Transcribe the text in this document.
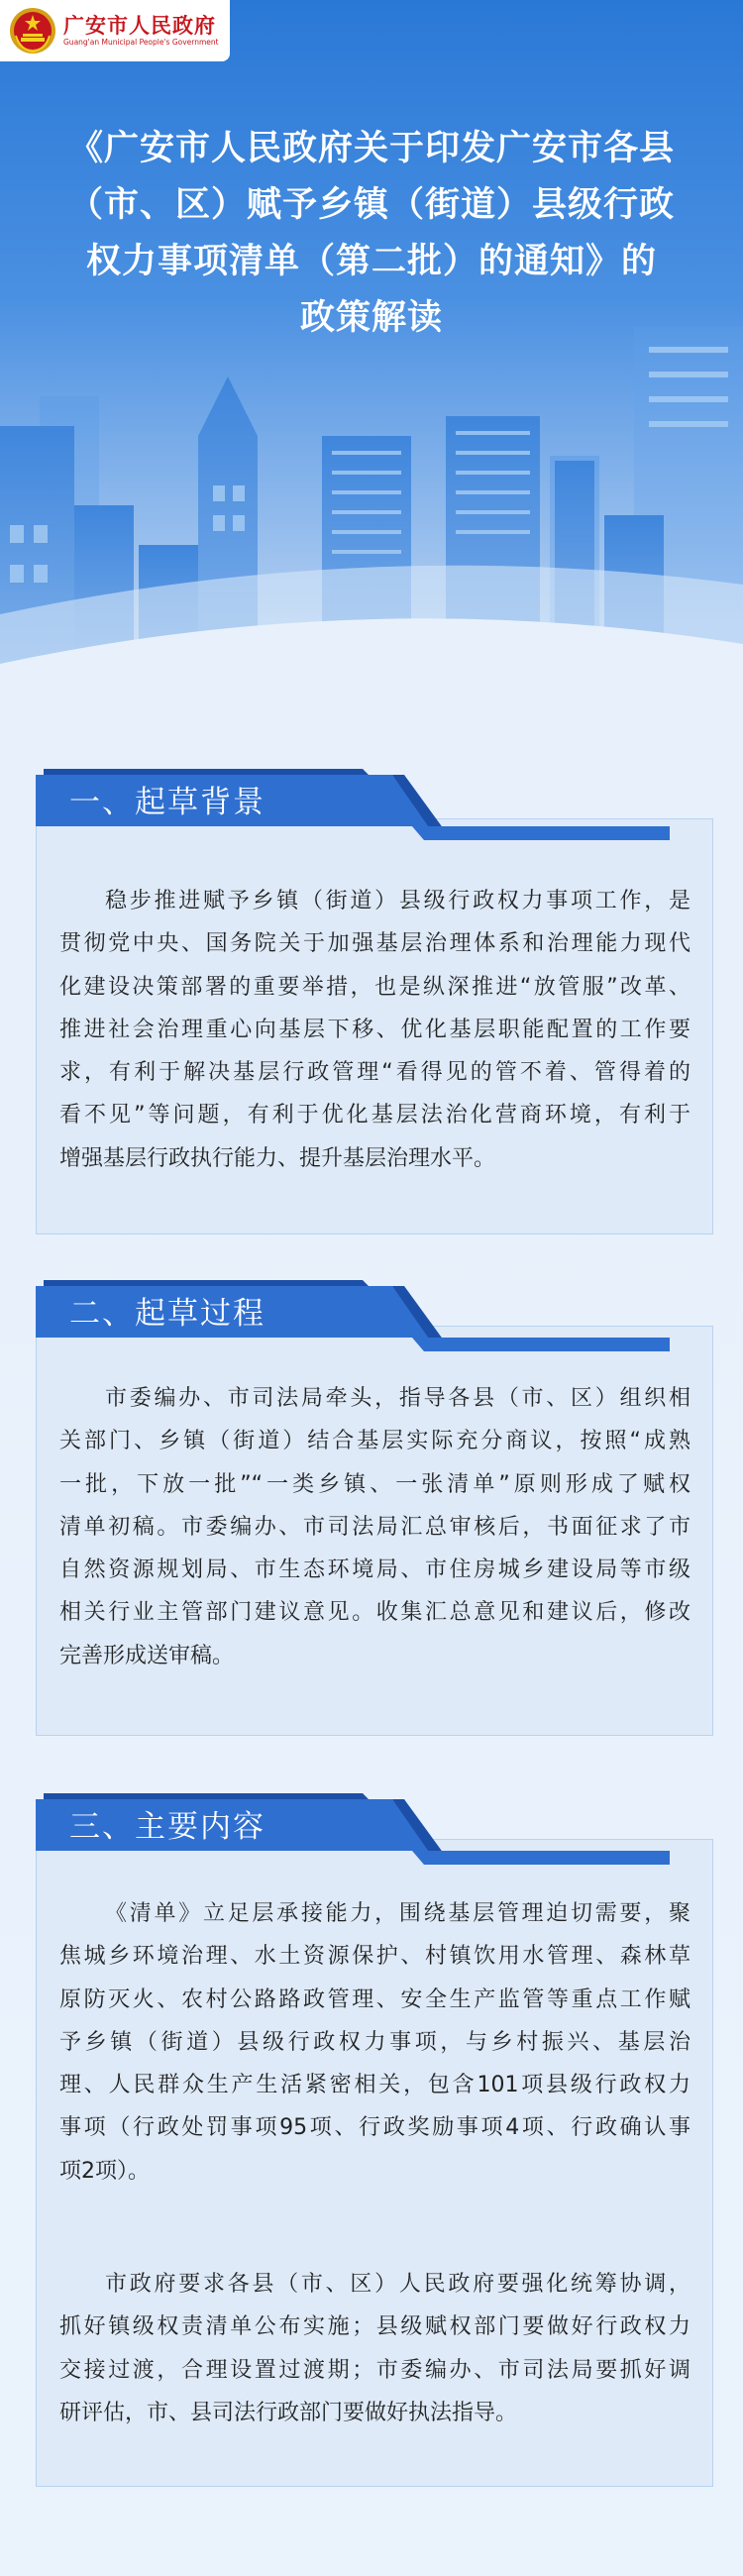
广安市人民政府
Guang'an Municipal People's Government
《广安市人民政府关于印发广安市各县
（市、区）赋予乡镇（街道）县级行政
权力事项清单（第二批）的通知》的
政策解读
一、起草背景
稳步推进赋予乡镇（街道）县级行政权力事项工作，是
贯彻党中央、国务院关于加强基层治理体系和治理能力现代
化建设决策部署的重要举措，也是纵深推进“放管服”改革、
推进社会治理重心向基层下移、优化基层职能配置的工作要
求，有利于解决基层行政管理“看得见的管不着、管得着的
看不见”等问题，有利于优化基层法治化营商环境，有利于
增强基层行政执行能力、提升基层治理水平。
二、起草过程
市委编办、市司法局牵头，指导各县（市、区）组织相
关部门、乡镇（街道）结合基层实际充分商议，按照“成熟
一批，下放一批”“一类乡镇、一张清单”原则形成了赋权
清单初稿。市委编办、市司法局汇总审核后，书面征求了市
自然资源规划局、市生态环境局、市住房城乡建设局等市级
相关行业主管部门建议意见。收集汇总意见和建议后，修改
完善形成送审稿。
三、主要内容
《清单》立足层承接能力，围绕基层管理迫切需要，聚
焦城乡环境治理、水土资源保护、村镇饮用水管理、森林草
原防灭火、农村公路路政管理、安全生产监管等重点工作赋
予乡镇（街道）县级行政权力事项，与乡村振兴、基层治
理、人民群众生产生活紧密相关，包含101项县级行政权力
事项（行政处罚事项95项、行政奖励事项4项、行政确认事
项2项）。
市政府要求各县（市、区）人民政府要强化统筹协调，
抓好镇级权责清单公布实施；县级赋权部门要做好行政权力
交接过渡，合理设置过渡期；市委编办、市司法局要抓好调
研评估，市、县司法行政部门要做好执法指导。
